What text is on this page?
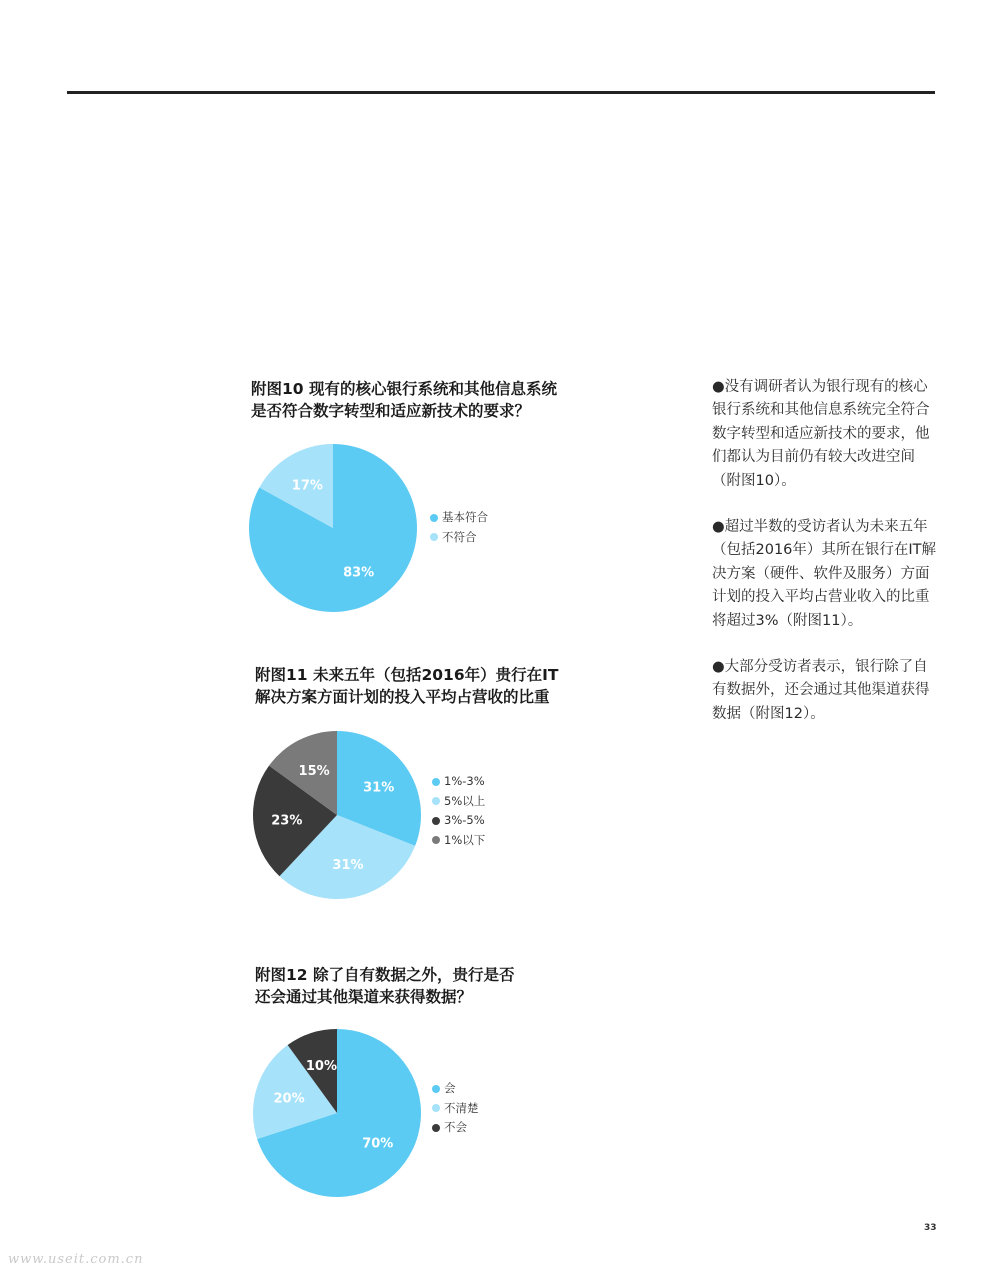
附图10 现有的核心银行系统和其他信息系统
是否符合数字转型和适应新技术的要求？
83%
17%
基本符合
不符合
附图11 未来五年（包括2016年）贵行在IT
解决方案方面计划的投入平均占营收的比重
31%
31%
23%
15%
1%-3%
5%以上
3%-5%
1%以下
附图12 除了自有数据之外，贵行是否
还会通过其他渠道来获得数据？
70%
20%
10%
会
不清楚
不会

●没有调研者认为银行现有的核心银行系统和其他信息系统完全符合数字转型和适应新技术的要求，他们都认为目前仍有较大改进空间（附图10）。

●超过半数的受访者认为未来五年（包括2016年）其所在银行在IT解决方案（硬件、软件及服务）方面计划的投入平均占营业收入的比重将超过3%（附图11）。

●大部分受访者表示，银行除了自有数据外，还会通过其他渠道获得数据（附图12）。

33
www.useit.com.cn
